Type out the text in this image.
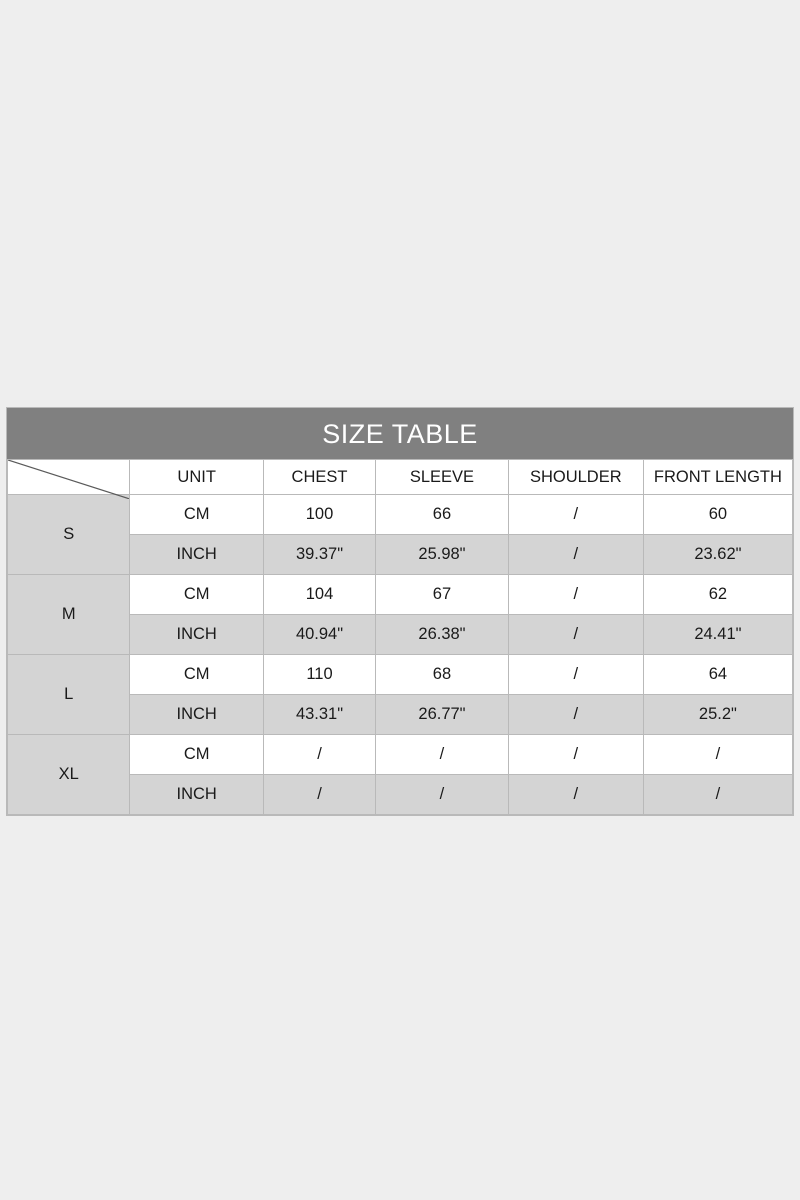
SIZE TABLE					

	UNIT	CHEST	SLEEVE	SHOULDER	FRONT LENGTH
S	CM	100	66	/	60
	INCH	39.37"	25.98"	/	23.62"
M	CM	104	67	/	62
	INCH	40.94"	26.38"	/	24.41"
L	CM	110	68	/	64
	INCH	43.31"	26.77"	/	25.2"
XL	CM	/	/	/	/
	INCH	/	/	/	/
